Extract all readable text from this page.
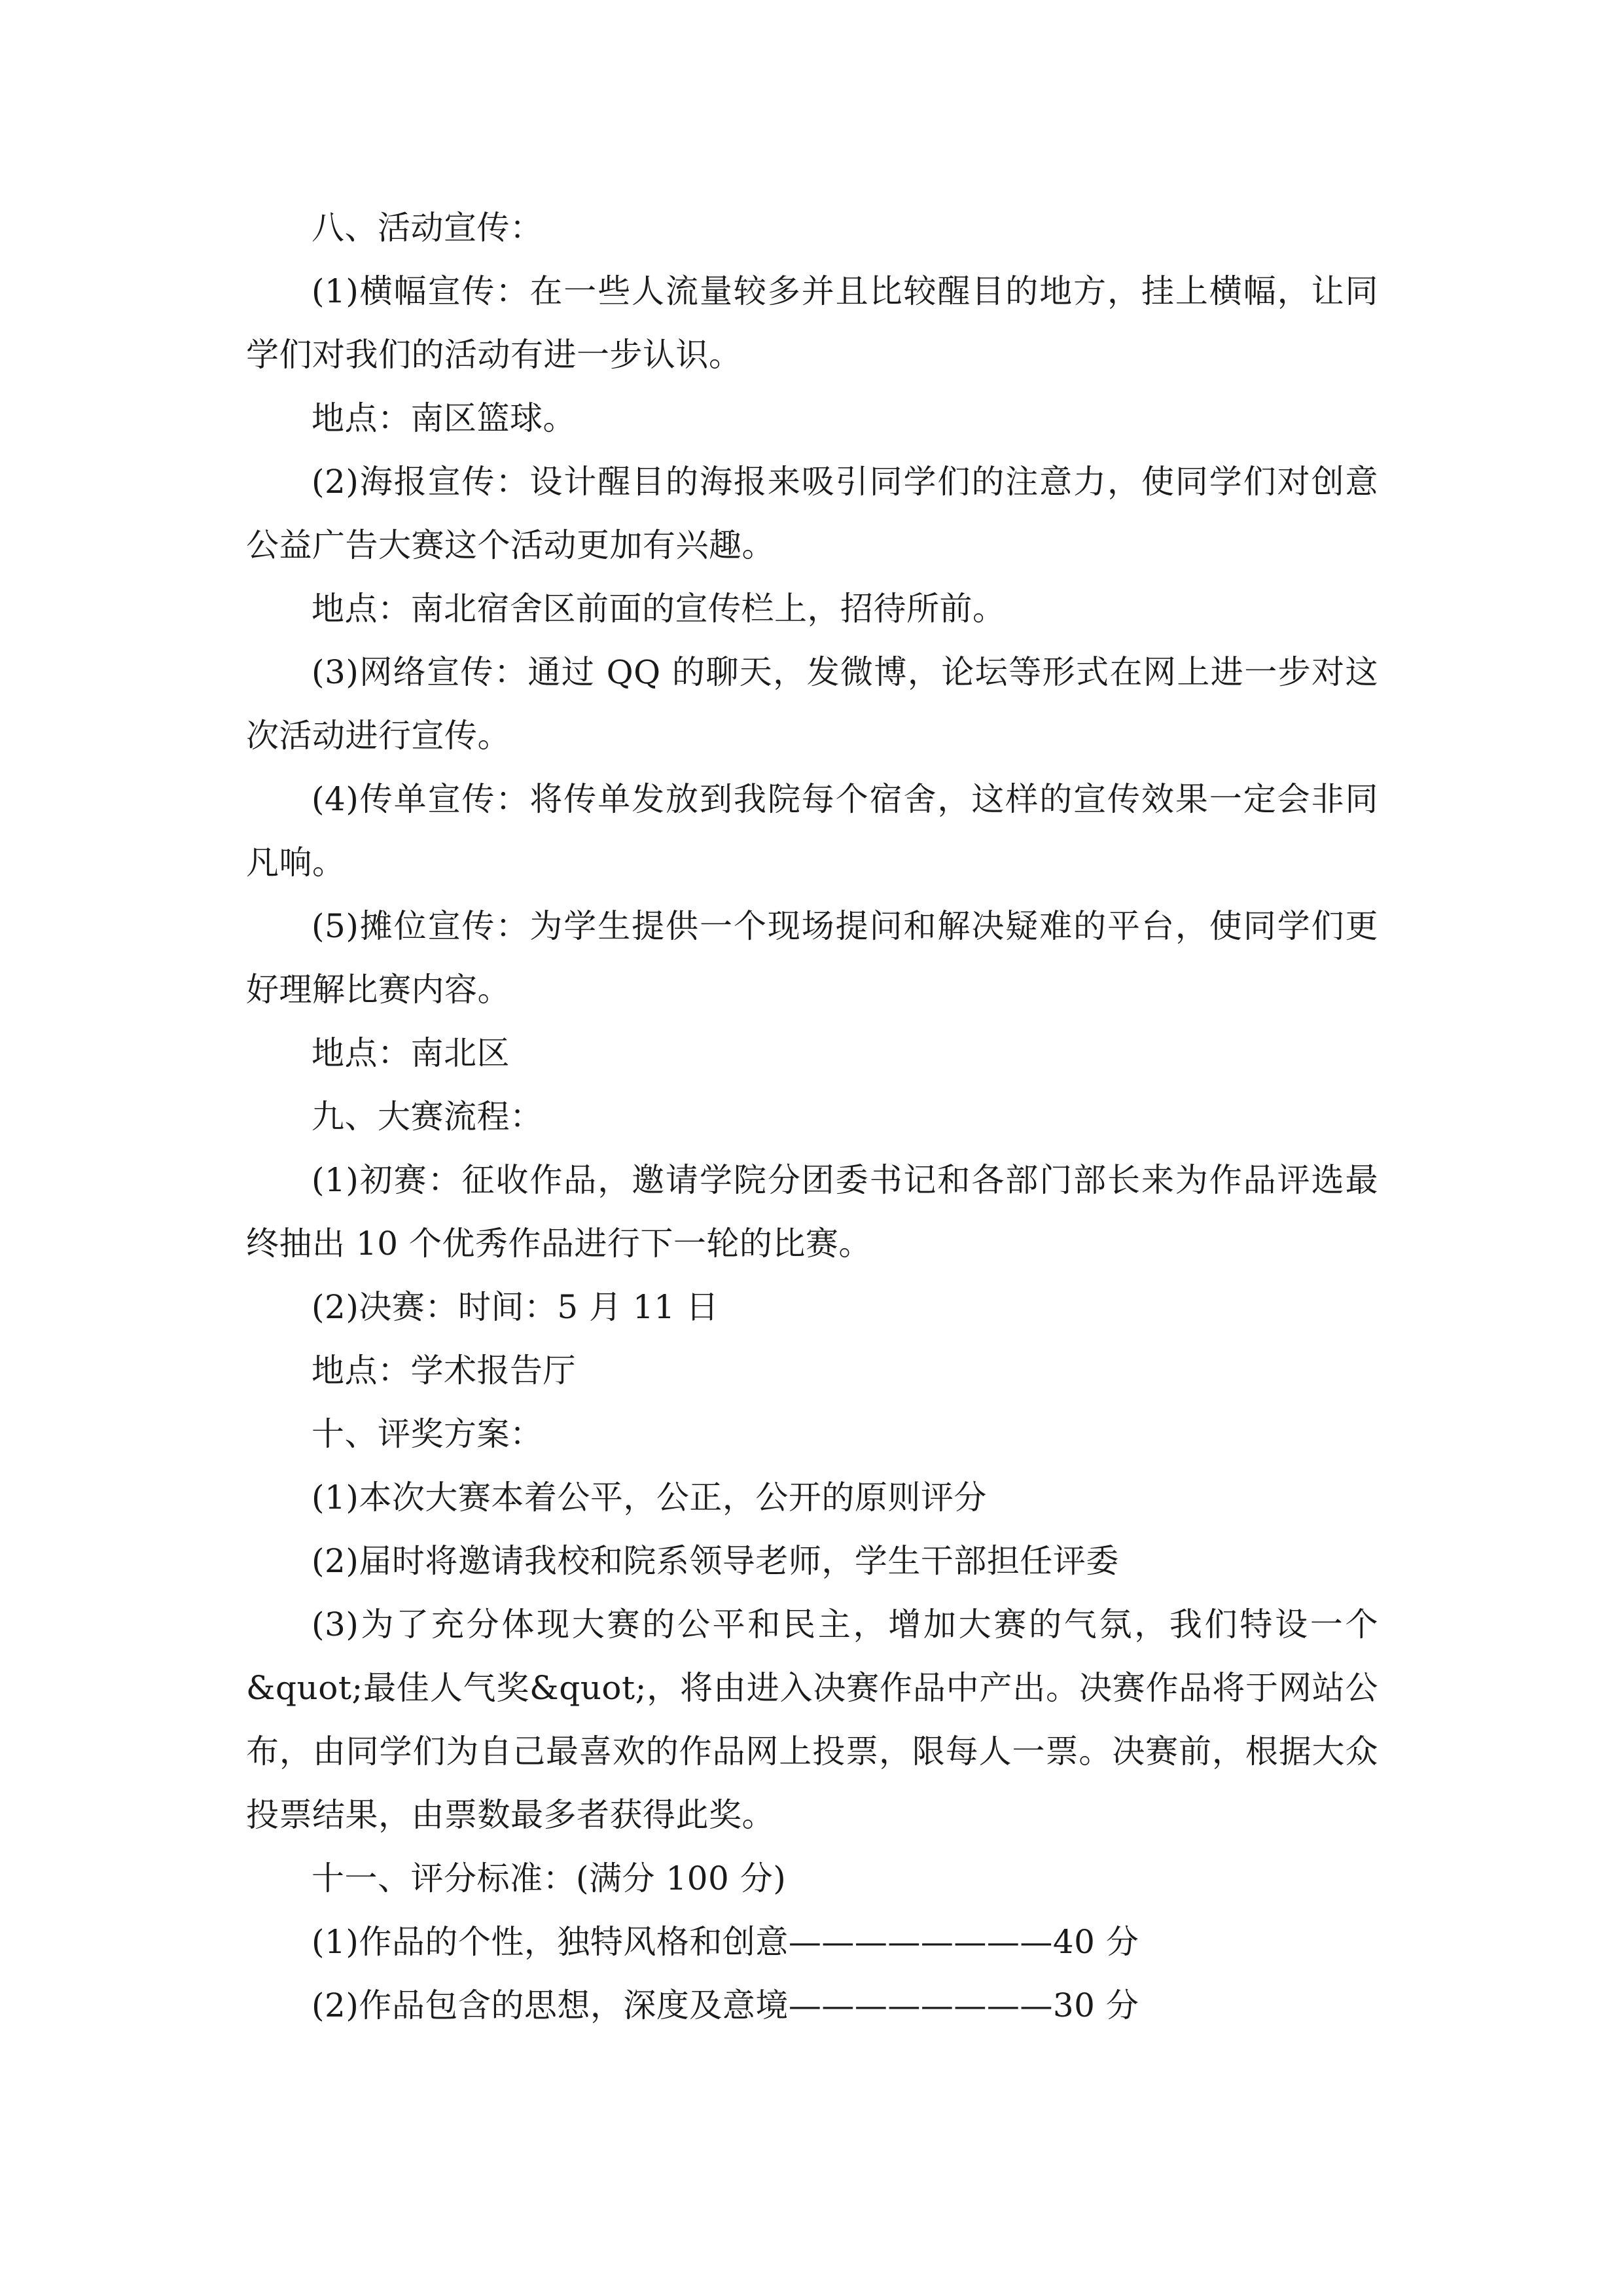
八、活动宣传：

(1)横幅宣传：在一些人流量较多并且比较醒目的地方，挂上横幅，让同学们对我们的活动有进一步认识。

地点：南区篮球。

(2)海报宣传：设计醒目的海报来吸引同学们的注意力，使同学们对创意公益广告大赛这个活动更加有兴趣。

地点：南北宿舍区前面的宣传栏上，招待所前。

(3)网络宣传：通过 QQ 的聊天，发微博，论坛等形式在网上进一步对这次活动进行宣传。

(4)传单宣传：将传单发放到我院每个宿舍，这样的宣传效果一定会非同凡响。

(5)摊位宣传：为学生提供一个现场提问和解决疑难的平台，使同学们更好理解比赛内容。

地点：南北区

九、大赛流程：

(1)初赛：征收作品，邀请学院分团委书记和各部门部长来为作品评选最终抽出 10 个优秀作品进行下一轮的比赛。

(2)决赛：时间：5 月 11 日

地点：学术报告厅

十、评奖方案：

(1)本次大赛本着公平，公正，公开的原则评分

(2)届时将邀请我校和院系领导老师，学生干部担任评委

(3)为了充分体现大赛的公平和民主，增加大赛的气氛，我们特设一个&quot;最佳人气奖&quot;，将由进入决赛作品中产出。决赛作品将于网站公布，由同学们为自己最喜欢的作品网上投票，限每人一票。决赛前，根据大众投票结果，由票数最多者获得此奖。

十一、评分标准：(满分 100 分)

(1)作品的个性，独特风格和创意————————40 分

(2)作品包含的思想，深度及意境————————30 分
